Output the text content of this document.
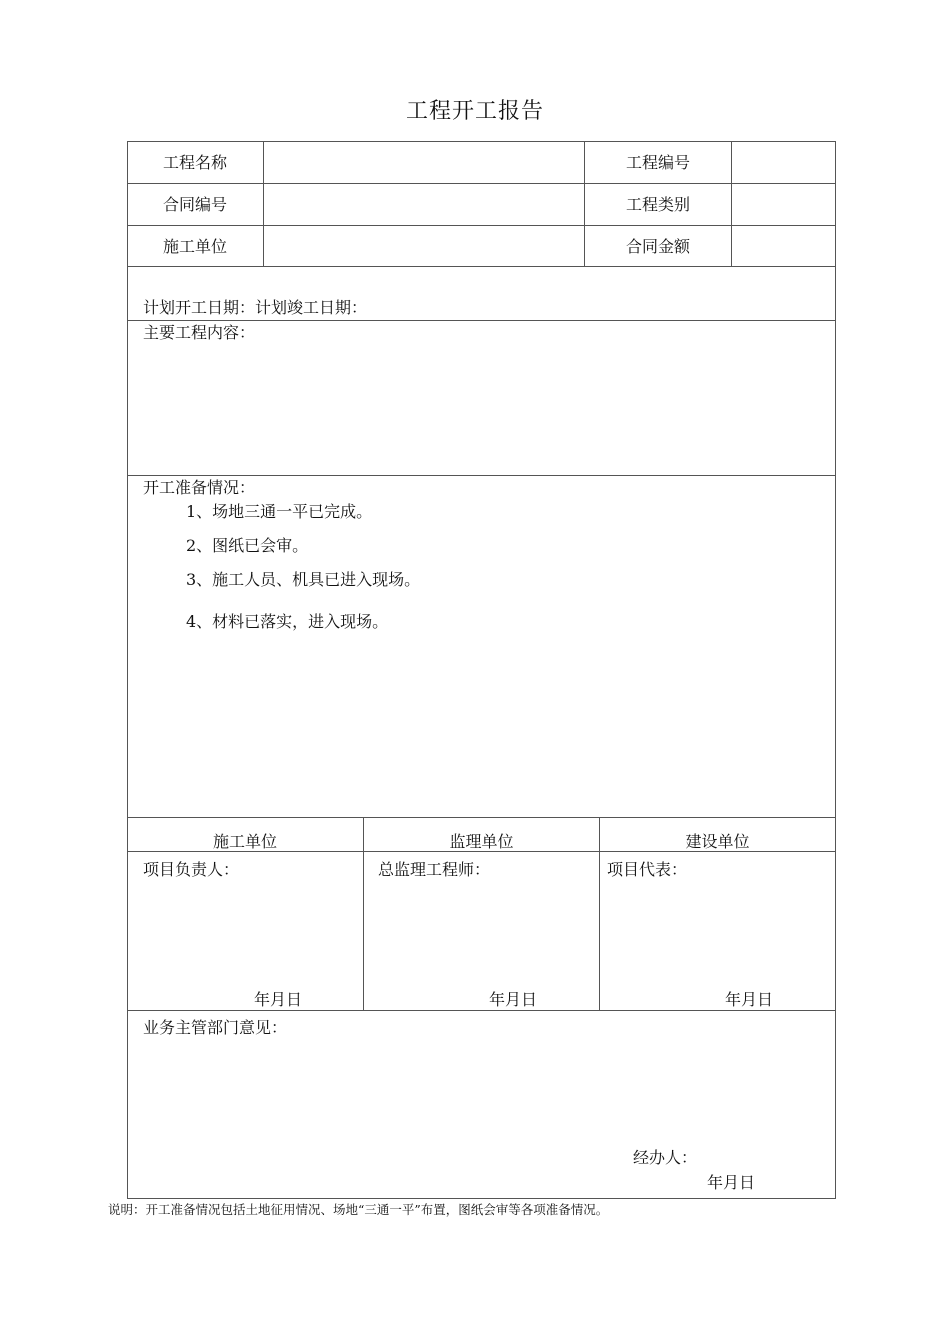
工程开工报告
工程名称	工程编号
合同编号	工程类别
施工单位	合同金额
计划开工日期：计划竣工日期：
主要工程内容：
开工准备情况：
1、场地三通一平已完成。
2、图纸已会审。
3、施工人员、机具已进入现场。
4、材料已落实，进入现场。
施工单位	监理单位	建设单位
项目负责人：	总监理工程师：	项目代表：
年月日	年月日	年月日
业务主管部门意见：
经办人：
年月日
说明：开工准备情况包括土地征用情况、场地“三通一平”布置，图纸会审等各项准备情况。
